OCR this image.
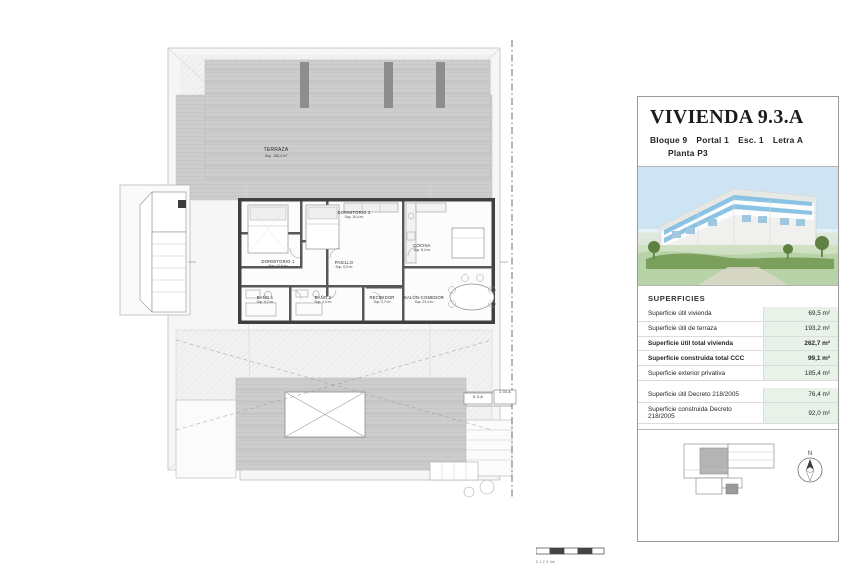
TERRAZA
Sup. 185,4 m²
DORMITORIO 2
Sup. 16,4 m²
DORMITORIO 1
Sup. 12,6 m²
PASILLO
Sup. 5,3 m²
COCINA
Sup. 8,4 m²
BAÑO 1
Sup. 6,2 m²
BAÑO 2
Sup. 4,3 m²
RECIBIDOR
Sup. 2,7 m²
SALÓN-COMEDOR
Sup. 23,4 m²
9.3.A
2.03.A
0 1 2 3 4m
VIVIENDA 9.3.A
Bloque 9 Portal 1 Esc. 1 Letra A
Planta P3
SUPERFICIES
Superficie útil vivienda	69,5 m²
Superficie útil de terraza	193,2 m²
Superficie útil total vivienda	262,7 m²
Superficie construida total CCC	99,1 m²
Superficie exterior privativa	185,4 m²

Superficie útil Decreto 218/2005	76,4 m²
Superficie construida Decreto 218/2005	92,0 m²
N
